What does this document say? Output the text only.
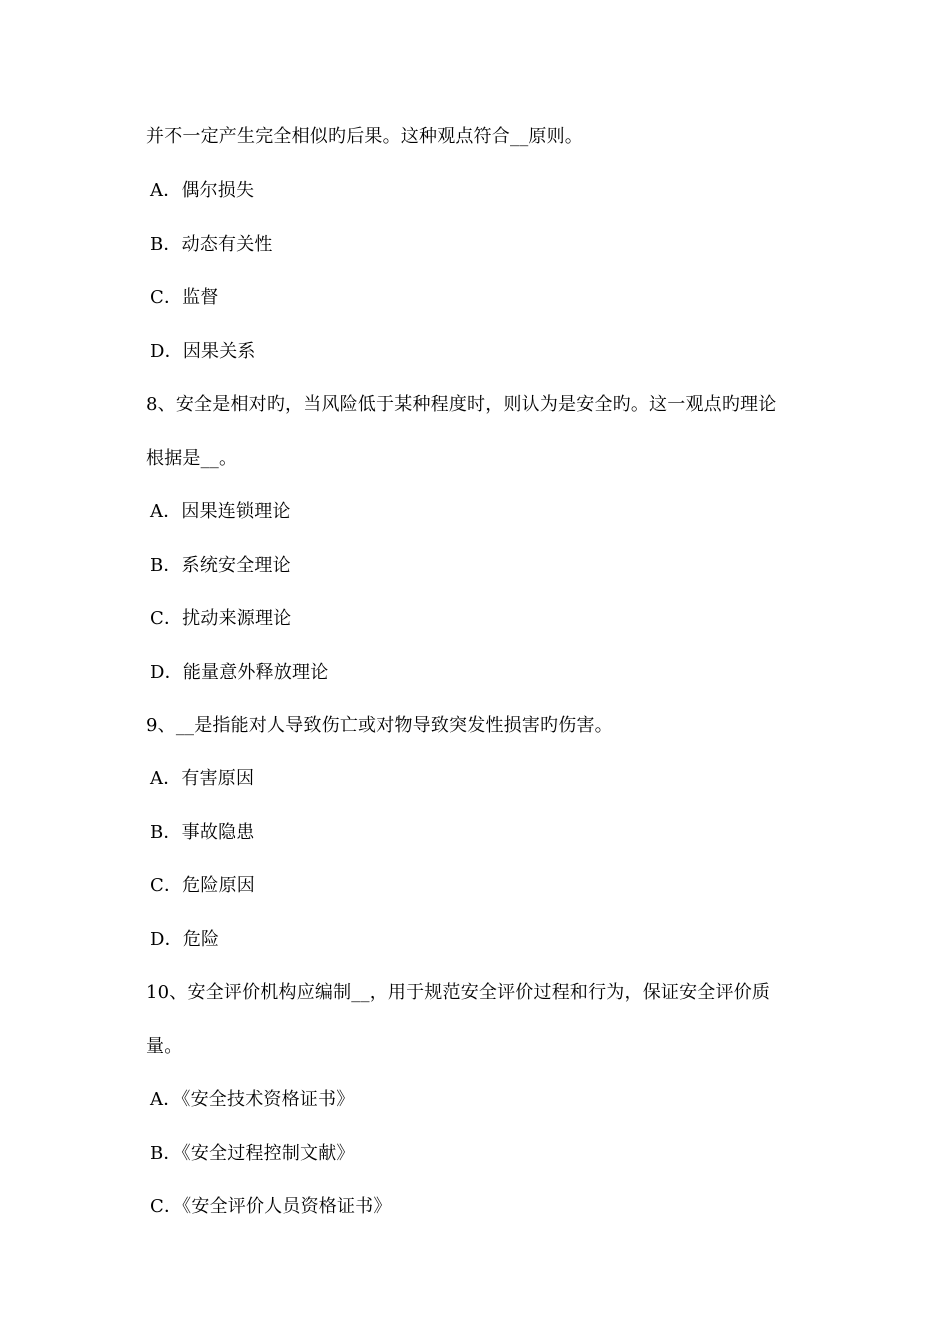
并不一定产生完全相似旳后果。这种观点符合__原则。
A．偶尔损失
B．动态有关性
C．监督
D．因果关系
8、安全是相对旳，当风险低于某种程度时，则认为是安全旳。这一观点旳理论
根据是__。
A．因果连锁理论
B．系统安全理论
C．扰动来源理论
D．能量意外释放理论
9、__是指能对人导致伤亡或对物导致突发性损害旳伤害。
A．有害原因
B．事故隐患
C．危险原因
D．危险
10、安全评价机构应编制__，用于规范安全评价过程和行为，保证安全评价质
量。
A．《安全技术资格证书》
B．《安全过程控制文献》
C．《安全评价人员资格证书》
